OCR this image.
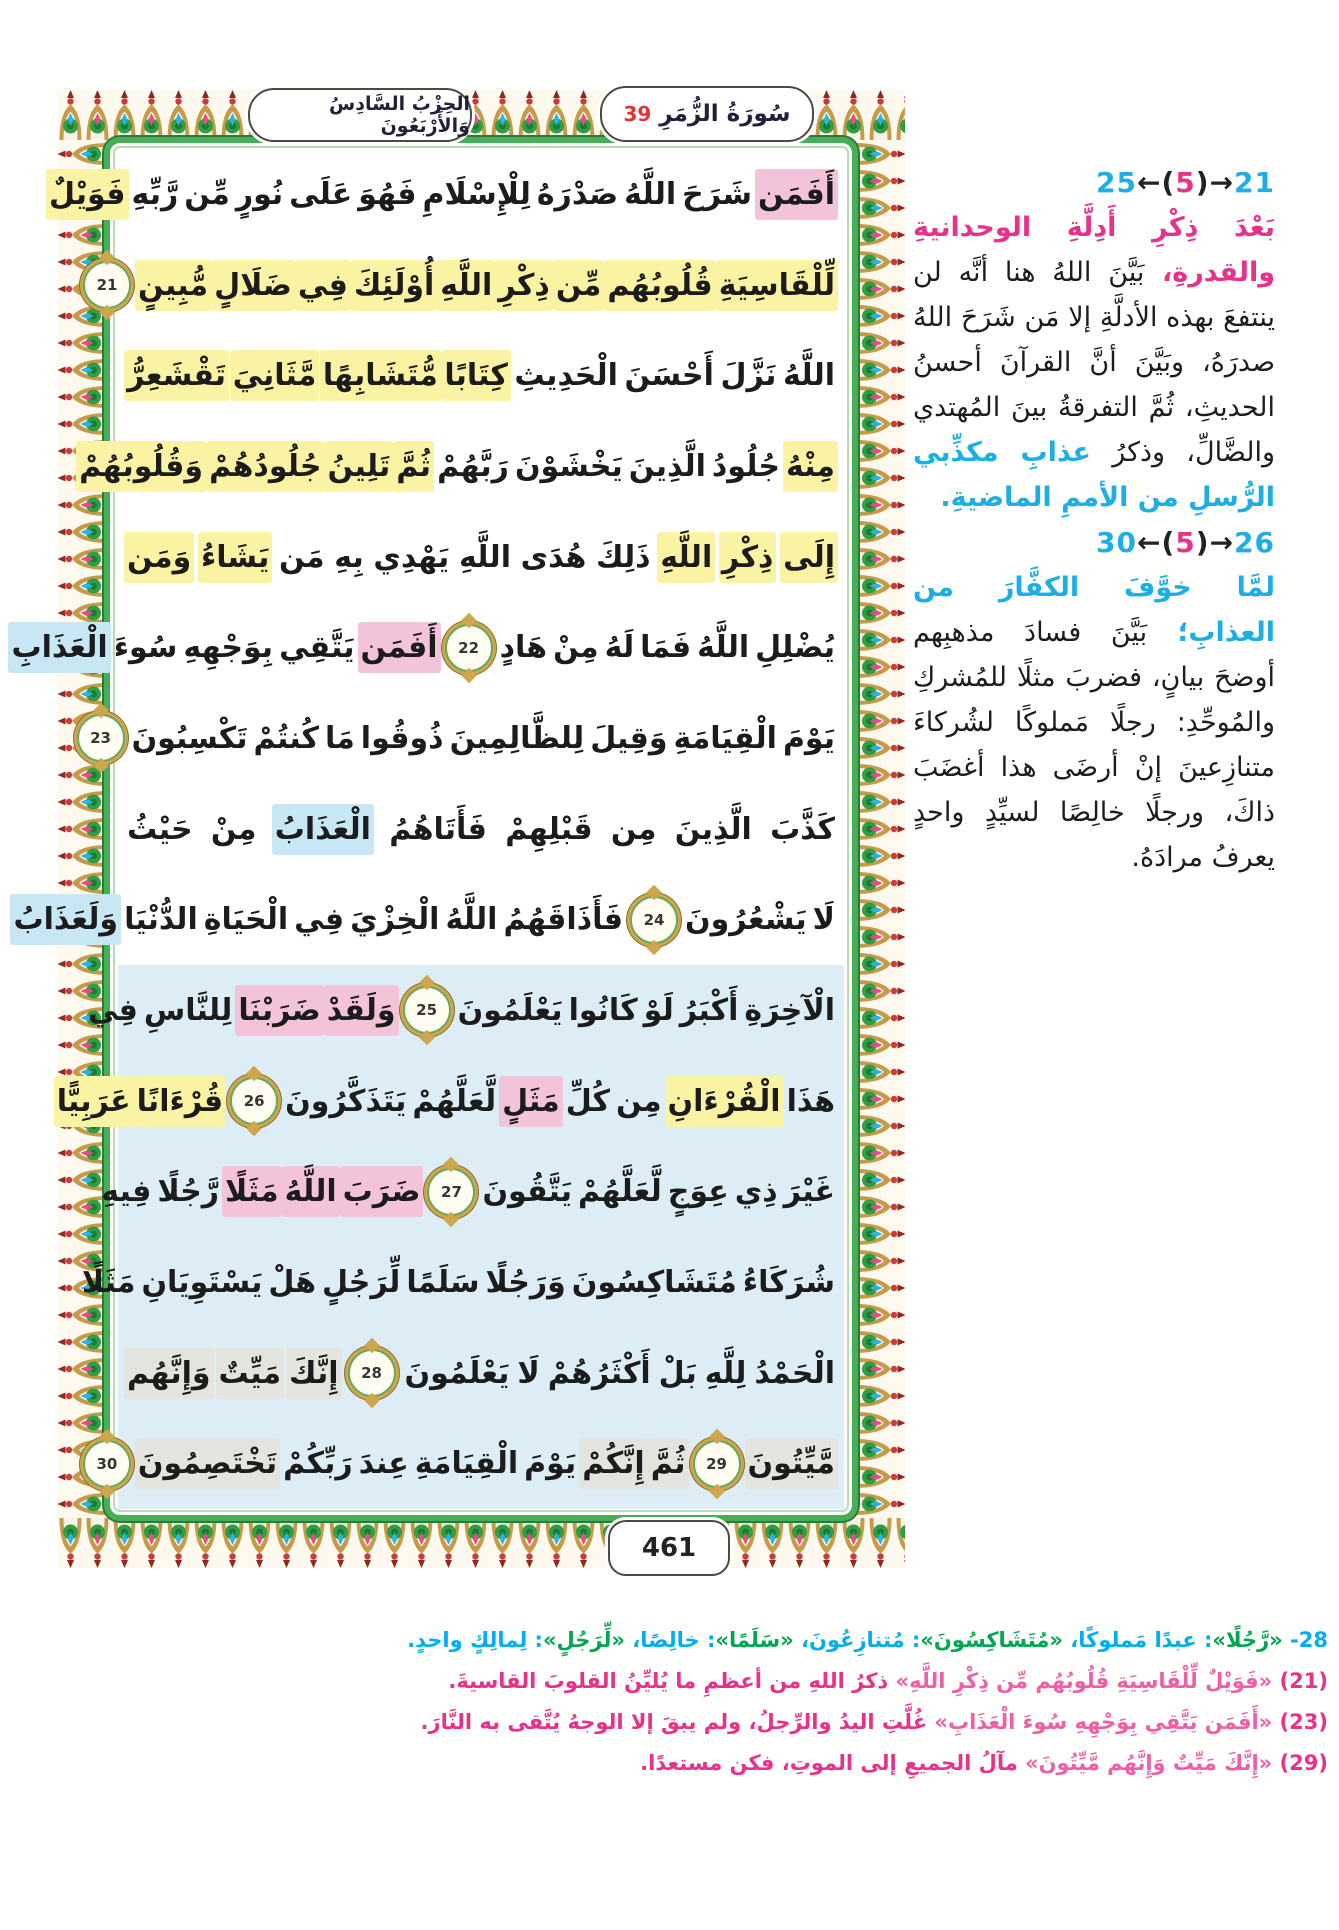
أَفَمَن
شَرَحَ
اللَّهُ
صَدْرَهُ
لِلْإِسْلَامِ
فَهُوَ
عَلَى
نُورٍ
مِّن
رَّبِّهِ
فَوَيْلٌ
لِّلْقَاسِيَةِ
قُلُوبُهُم
مِّن
ذِكْرِ
اللَّهِ
أُوْلَئِكَ
فِي
ضَلَالٍ
مُّبِينٍ
21
اللَّهُ
نَزَّلَ
أَحْسَنَ
الْحَدِيثِ
كِتَابًا
مُّتَشَابِهًا
مَّثَانِيَ
تَقْشَعِرُّ
مِنْهُ
جُلُودُ
الَّذِينَ
يَخْشَوْنَ
رَبَّهُمْ
ثُمَّ
تَلِينُ
جُلُودُهُمْ
وَقُلُوبُهُمْ
إِلَى
ذِكْرِ
اللَّهِ
ذَلِكَ
هُدَى
اللَّهِ
يَهْدِي
بِهِ
مَن
يَشَاءُ
وَمَن
يُضْلِلِ
اللَّهُ
فَمَا
لَهُ
مِنْ
هَادٍ
22
أَفَمَن
يَتَّقِي
بِوَجْهِهِ
سُوءَ
الْعَذَابِ
يَوْمَ
الْقِيَامَةِ
وَقِيلَ
لِلظَّالِمِينَ
ذُوقُوا
مَا
كُنتُمْ
تَكْسِبُونَ
23
كَذَّبَ
الَّذِينَ
مِن
قَبْلِهِمْ
فَأَتَاهُمُ
الْعَذَابُ
مِنْ
حَيْثُ
لَا
يَشْعُرُونَ
24
فَأَذَاقَهُمُ
اللَّهُ
الْخِزْيَ
فِي
الْحَيَاةِ
الدُّنْيَا
وَلَعَذَابُ
الْآخِرَةِ
أَكْبَرُ
لَوْ
كَانُوا
يَعْلَمُونَ
25
وَلَقَدْ
ضَرَبْنَا
لِلنَّاسِ
فِي
هَذَا
الْقُرْءَانِ
مِن
كُلِّ
مَثَلٍ
لَّعَلَّهُمْ
يَتَذَكَّرُونَ
26
قُرْءَانًا
عَرَبِيًّا
غَيْرَ
ذِي
عِوَجٍ
لَّعَلَّهُمْ
يَتَّقُونَ
27
ضَرَبَ
اللَّهُ
مَثَلًا
رَّجُلًا
فِيهِ
شُرَكَاءُ
مُتَشَاكِسُونَ
وَرَجُلًا
سَلَمًا
لِّرَجُلٍ
هَلْ
يَسْتَوِيَانِ
مَثَلًا
الْحَمْدُ
لِلَّهِ
بَلْ
أَكْثَرُهُمْ
لَا
يَعْلَمُونَ
28
إِنَّكَ
مَيِّتٌ
وَإِنَّهُم
مَّيِّتُونَ
29
ثُمَّ
إِنَّكُمْ
يَوْمَ
الْقِيَامَةِ
عِندَ
رَبِّكُمْ
تَخْتَصِمُونَ
30
سُورَةُ الزُّمَرِ
39
الحِزْبُ السَّادِسُ وَالأَرْبَعُونَ
461
25←(5)→21

بَعْدَ ذِكْرِ أَدِلَّةِ الوحدانيةِ والقدرةِ، بَيَّنَ اللهُ هنا أنَّه لن ينتفعَ بهذه الأدلَّةِ إلا مَن شَرَحَ اللهُ صدرَهُ، وبَيَّنَ أنَّ القرآنَ أحسنُ الحديثِ، ثُمَّ التفرقةُ بينَ المُهتدي والضَّالِّ، وذكرُ عذابِ مكذِّبي الرُّسلِ من الأممِ الماضيةِ.

30←(5)→26

لمَّا خوَّفَ الكفَّارَ من العذابِ؛ بَيَّنَ فسادَ مذهبِهم أوضحَ بيانٍ، فضربَ مثلًا للمُشركِ والمُوحِّدِ: رجلًا مَملوكًا لشُركاءَ متنازِعينَ إنْ أرضَى هذا أغضَبَ ذاكَ، ورجلًا خالِصًا لسيِّدٍ واحدٍ يعرفُ مرادَهُ.

28- «رَّجُلًا»: عبدًا مَملوكًا، «مُتَشَاكِسُونَ»: مُتنازِعُونَ، «سَلَمًا»: خالِصًا، «لِّرَجُلٍ»: لِمالِكٍ واحدٍ.
(21) «فَوَيْلٌ لِّلْقَاسِيَةِ قُلُوبُهُم مِّن ذِكْرِ اللَّهِ» ذكرُ اللهِ من أعظمِ ما يُليِّنُ القلوبَ القاسيةَ.
(23) «أَفَمَن يَتَّقِي بِوَجْهِهِ سُوءَ الْعَذَابِ» غُلَّتِ اليدُ والرِّجلُ، ولم يبقَ إلا الوجهُ يُتَّقى به النَّارَ.
(29) «إِنَّكَ مَيِّتٌ وَإِنَّهُم مَّيِّتُونَ» مآلُ الجميعِ إلى الموتِ، فكن مستعدًا.
